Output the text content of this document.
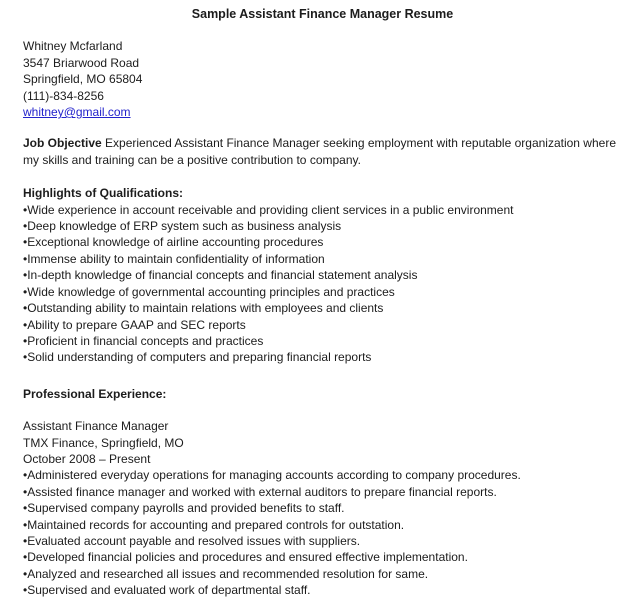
Sample Assistant Finance Manager Resume
Whitney Mcfarland
3547 Briarwood Road
Springfield, MO 65804
(111)-834-8256
whitney@gmail.com
Job Objective Experienced Assistant Finance Manager seeking employment with reputable organization where my skills and training can be a positive contribution to company.
Highlights of Qualifications:
• Wide experience in account receivable and providing client services in a public environment
• Deep knowledge of ERP system such as business analysis
• Exceptional knowledge of airline accounting procedures
• Immense ability to maintain confidentiality of information
• In-depth knowledge of financial concepts and financial statement analysis
• Wide knowledge of governmental accounting principles and practices
• Outstanding ability to maintain relations with employees and clients
• Ability to prepare GAAP and SEC reports
• Proficient in financial concepts and practices
• Solid understanding of computers and preparing financial reports
Professional Experience:
Assistant Finance Manager
TMX Finance, Springfield, MO
October 2008 – Present
• Administered everyday operations for managing accounts according to company procedures.
• Assisted finance manager and worked with external auditors to prepare financial reports.
• Supervised company payrolls and provided benefits to staff.
• Maintained records for accounting and prepared controls for outstation.
• Evaluated account payable and resolved issues with suppliers.
• Developed financial policies and procedures and ensured effective implementation.
• Analyzed and researched all issues and recommended resolution for same.
• Supervised and evaluated work of departmental staff.
